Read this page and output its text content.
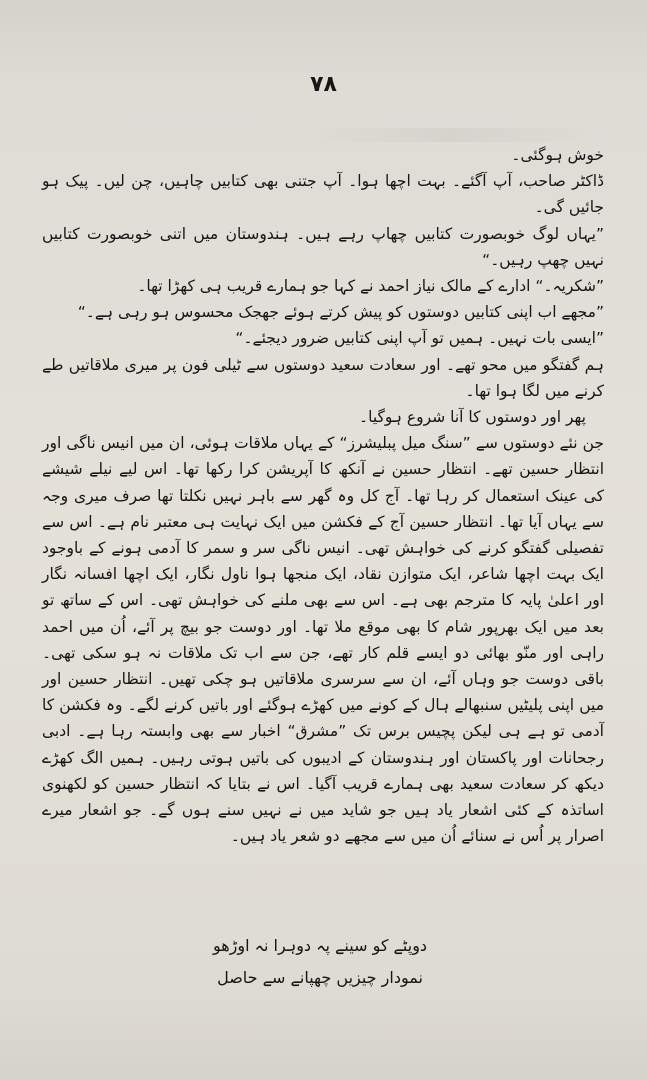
۷۸

خوش ہوگئی۔

ڈاکٹر صاحب، آپ آگئے۔ بہت اچھا ہوا۔ آپ جتنی بھی کتابیں چاہیں، چن لیں۔ پیک ہو جائیں گی۔

”یہاں لوگ خوبصورت کتابیں چھاپ رہے ہیں۔ ہندوستان میں اتنی خوبصورت کتابیں نہیں چھپ رہیں۔“

”شکریہ۔“ ادارے کے مالک نیاز احمد نے کہا جو ہمارے قریب ہی کھڑا تھا۔

”مجھے اب اپنی کتابیں دوستوں کو پیش کرتے ہوئے جھجک محسوس ہو رہی ہے۔“

”ایسی بات نہیں۔ ہمیں تو آپ اپنی کتابیں ضرور دیجئے۔“

ہم گفتگو میں محو تھے۔ اور سعادت سعید دوستوں سے ٹیلی فون پر میری ملاقاتیں طے کرنے میں لگا ہوا تھا۔

پھر اور دوستوں کا آنا شروع ہوگیا۔

جن نئے دوستوں سے ”سنگ میل پبلیشرز“ کے یہاں ملاقات ہوئی، ان میں انیس ناگی اور انتظار حسین تھے۔ انتظار حسین نے آنکھ کا آپریشن کرا رکھا تھا۔ اس لیے نیلے شیشے کی عینک استعمال کر رہا تھا۔ آج کل وہ گھر سے باہر نہیں نکلتا تھا صرف میری وجہ سے یہاں آیا تھا۔ انتظار حسین آج کے فکشن میں ایک نہایت ہی معتبر نام ہے۔ اس سے تفصیلی گفتگو کرنے کی خواہش تھی۔ انیس ناگی سر و سمر کا آدمی ہونے کے باوجود ایک بہت اچھا شاعر، ایک متوازن نقاد، ایک منجھا ہوا ناول نگار، ایک اچھا افسانہ نگار اور اعلیٰ پایہ کا مترجم بھی ہے۔ اس سے بھی ملنے کی خواہش تھی۔ اس کے ساتھ تو بعد میں ایک بھرپور شام کا بھی موقع ملا تھا۔ اور دوست جو بیچ پر آئے، اُن میں احمد راہی اور منّو بھائی دو ایسے قلم کار تھے، جن سے اب تک ملاقات نہ ہو سکی تھی۔ باقی دوست جو وہاں آئے، ان سے سرسری ملاقاتیں ہو چکی تھیں۔ انتظار حسین اور میں اپنی پلیٹیں سنبھالے ہال کے کونے میں کھڑے ہوگئے اور باتیں کرنے لگے۔ وہ فکشن کا آدمی تو ہے ہی لیکن پچیس برس تک ”مشرق“ اخبار سے بھی وابستہ رہا ہے۔ ادبی رجحانات اور پاکستان اور ہندوستان کے ادیبوں کی باتیں ہوتی رہیں۔ ہمیں الگ کھڑے دیکھ کر سعادت سعید بھی ہمارے قریب آگیا۔ اس نے بتایا کہ انتظار حسین کو لکھنوی اساتذہ کے کئی اشعار یاد ہیں جو شاید میں نے نہیں سنے ہوں گے۔ جو اشعار میرے اصرار پر اُس نے سنائے اُن میں سے مجھے دو شعر یاد ہیں۔

دوپٹے کو سینے پہ دوہرا نہ اوڑھو
نمودار چیزیں چھپانے سے حاصل
